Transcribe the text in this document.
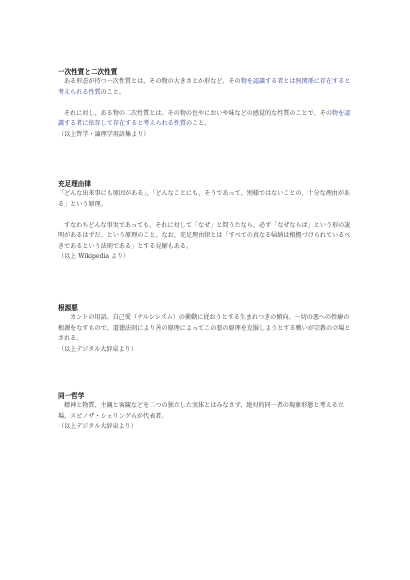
一次性質と二次性質

ある形态が持つ一次性質とは、その物の大きさとか形など、その物を認識する者とは無関係に存在すると考えられる性質のこと。

それに対し、ある物の二次性質とは、その物の色やにおいや味などの感覚的な性質のことで、その物を認識する者に依存して存在すると考えられる性質のこと。

（以上哲学・論理学用語集より）
充足理由律

「どんな出来事にも原因がある」、「どんなことにも、そうであって、別様ではないことの、十分な理由がある」という原理。

すなわちどんな事実であっても、それに対して「なぜ」と問うたなら、必ず「なぜならば」という形の説明があるはずだ、という原理のこと。なお、充足理由律とは「すべての真なる帰納は根拠づけられているべきであるという法則である」とする見解もある。

（以上 Wikipedia より）
根源悪

カントの用語。自己愛（ナルシシズム）の衝動に従おうとする生まれつきの傾向。一切の悪への性癖の根源をなすもので、道徳法則により善の原理によってこの悪の原理を克服しようとする戦いが宗教の立場とされる。

（以上デジタル大辞泉より）
同一哲学

精神と物質、主観と客観などを二つの独立した実体とはみなさず、絶対的同一者の現象形態と考える立場。スピノザ・シェリングらが代表者。

（以上デジタル大辞泉より）
